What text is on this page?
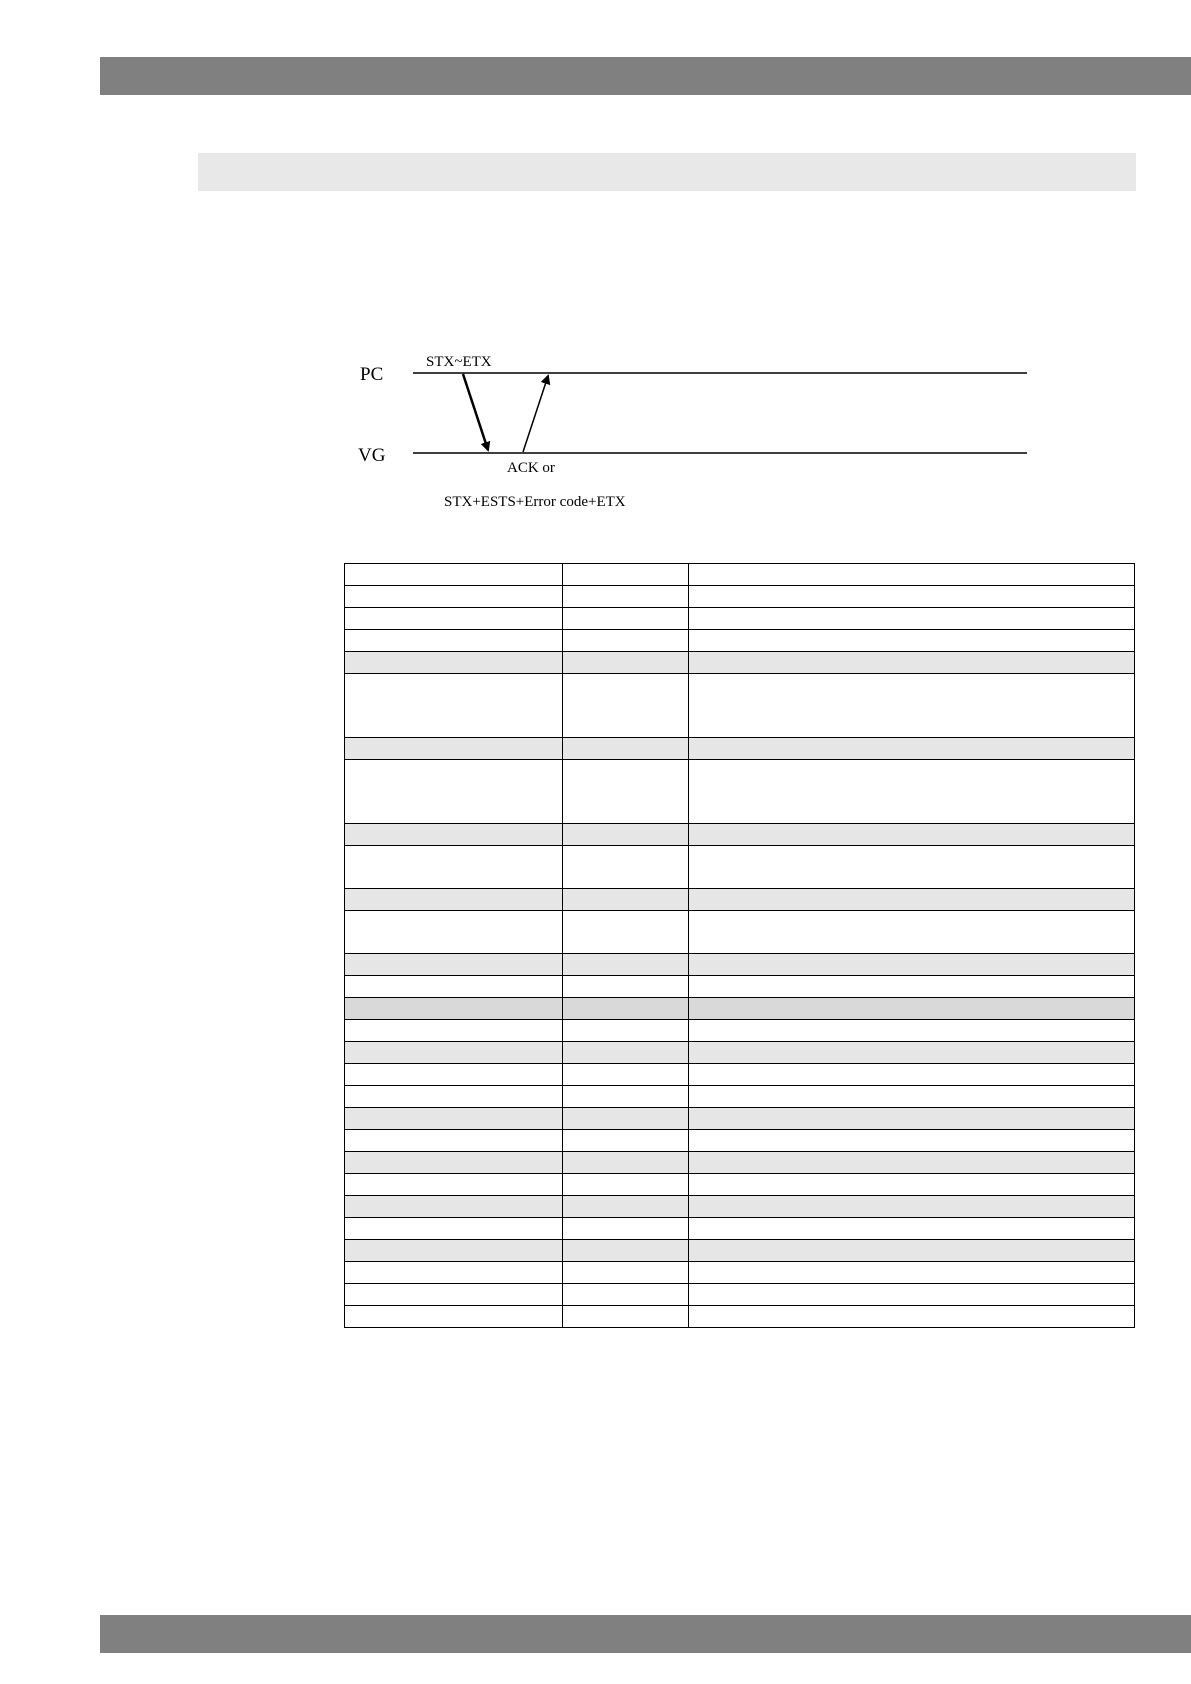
PC
VG
STX~ETX
ACK or
STX+ESTS+Error code+ETX
